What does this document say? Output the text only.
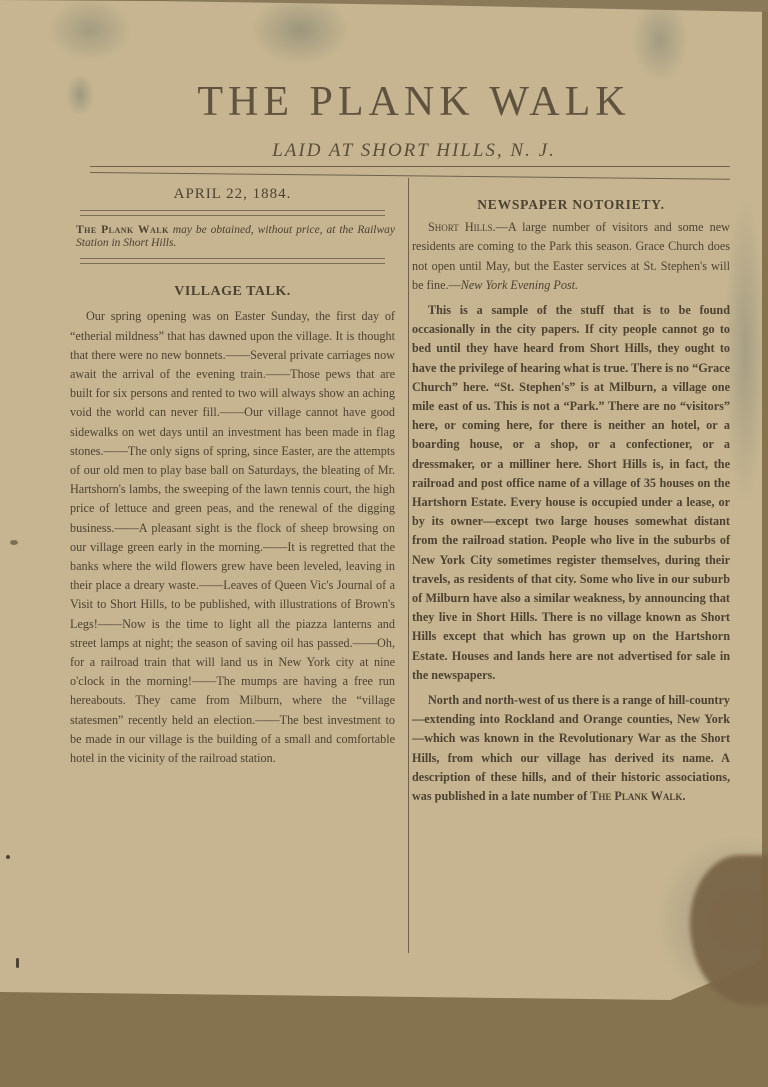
THE PLANK WALK
LAID AT SHORT HILLS, N. J.
APRIL 22, 1884.

The Plank Walk may be obtained, without price, at the Railway Station in Short Hills.

VILLAGE TALK.

Our spring opening was on Easter Sunday, the first day of “etherial mildness” that has dawned upon the village. It is thought that there were no new bonnets.——Several private carriages now await the arrival of the evening train.——Those pews that are built for six persons and rented to two will always show an aching void the world can never fill.——Our village cannot have good sidewalks on wet days until an investment has been made in flag stones.——The only signs of spring, since Easter, are the attempts of our old men to play base ball on Saturdays, the bleating of Mr. Hartshorn's lambs, the sweeping of the lawn tennis court, the high price of lettuce and green peas, and the renewal of the digging business.——A pleasant sight is the flock of sheep browsing on our village green early in the morning.——It is regretted that the banks where the wild flowers grew have been leveled, leaving in their place a dreary waste.——Leaves of Queen Vic's Journal of a Visit to Short Hills, to be published, with illustrations of Brown's Legs!——Now is the time to light all the piazza lanterns and street lamps at night; the season of saving oil has passed.——Oh, for a railroad train that will land us in New York city at nine o'clock in the morning!——The mumps are having a free run hereabouts. They came from Milburn, where the “village statesmen” recently held an election.——The best investment to be made in our village is the building of a small and comfortable hotel in the vicinity of the railroad station.

NEWSPAPER NOTORIETY.

Short Hills.—A large number of visitors and some new residents are coming to the Park this season. Grace Church does not open until May, but the Easter services at St. Stephen's will be fine.—New York Evening Post.

This is a sample of the stuff that is to be found occasionally in the city papers. If city people cannot go to bed until they have heard from Short Hills, they ought to have the privilege of hearing what is true. There is no “Grace Church” here. “St. Stephen's” is at Milburn, a village one mile east of us. This is not a “Park.” There are no “visitors” here, or coming here, for there is neither an hotel, or a boarding house, or a shop, or a confectioner, or a dressmaker, or a milliner here. Short Hills is, in fact, the railroad and post office name of a village of 35 houses on the Hartshorn Estate. Every house is occupied under a lease, or by its owner—except two large houses somewhat distant from the railroad station. People who live in the suburbs of New York City sometimes register themselves, during their travels, as residents of that city. Some who live in our suburb of Milburn have also a similar weakness, by announcing that they live in Short Hills. There is no village known as Short Hills except that which has grown up on the Hartshorn Estate. Houses and lands here are not advertised for sale in the newspapers.

North and north-west of us there is a range of hill-country—extending into Rockland and Orange counties, New York—which was known in the Revolutionary War as the Short Hills, from which our village has derived its name. A description of these hills, and of their historic associations, was published in a late number of The Plank Walk.
